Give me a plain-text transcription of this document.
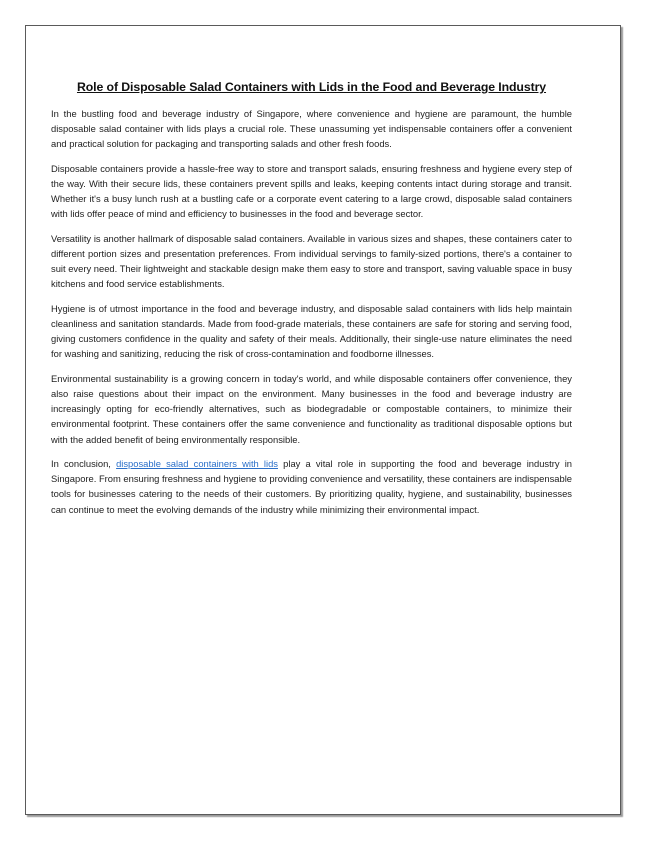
Role of Disposable Salad Containers with Lids in the Food and Beverage Industry

In the bustling food and beverage industry of Singapore, where convenience and hygiene are paramount, the humble disposable salad container with lids plays a crucial role. These unassuming yet indispensable containers offer a convenient and practical solution for packaging and transporting salads and other fresh foods.

Disposable containers provide a hassle-free way to store and transport salads, ensuring freshness and hygiene every step of the way. With their secure lids, these containers prevent spills and leaks, keeping contents intact during storage and transit. Whether it's a busy lunch rush at a bustling cafe or a corporate event catering to a large crowd, disposable salad containers with lids offer peace of mind and efficiency to businesses in the food and beverage sector.

Versatility is another hallmark of disposable salad containers. Available in various sizes and shapes, these containers cater to different portion sizes and presentation preferences. From individual servings to family-sized portions, there's a container to suit every need. Their lightweight and stackable design make them easy to store and transport, saving valuable space in busy kitchens and food service establishments.

Hygiene is of utmost importance in the food and beverage industry, and disposable salad containers with lids help maintain cleanliness and sanitation standards. Made from food-grade materials, these containers are safe for storing and serving food, giving customers confidence in the quality and safety of their meals. Additionally, their single-use nature eliminates the need for washing and sanitizing, reducing the risk of cross-contamination and foodborne illnesses.

Environmental sustainability is a growing concern in today's world, and while disposable containers offer convenience, they also raise questions about their impact on the environment. Many businesses in the food and beverage industry are increasingly opting for eco-friendly alternatives, such as biodegradable or compostable containers, to minimize their environmental footprint. These containers offer the same convenience and functionality as traditional disposable options but with the added benefit of being environmentally responsible.

In conclusion, disposable salad containers with lids play a vital role in supporting the food and beverage industry in Singapore. From ensuring freshness and hygiene to providing convenience and versatility, these containers are indispensable tools for businesses catering to the needs of their customers. By prioritizing quality, hygiene, and sustainability, businesses can continue to meet the evolving demands of the industry while minimizing their environmental impact.
